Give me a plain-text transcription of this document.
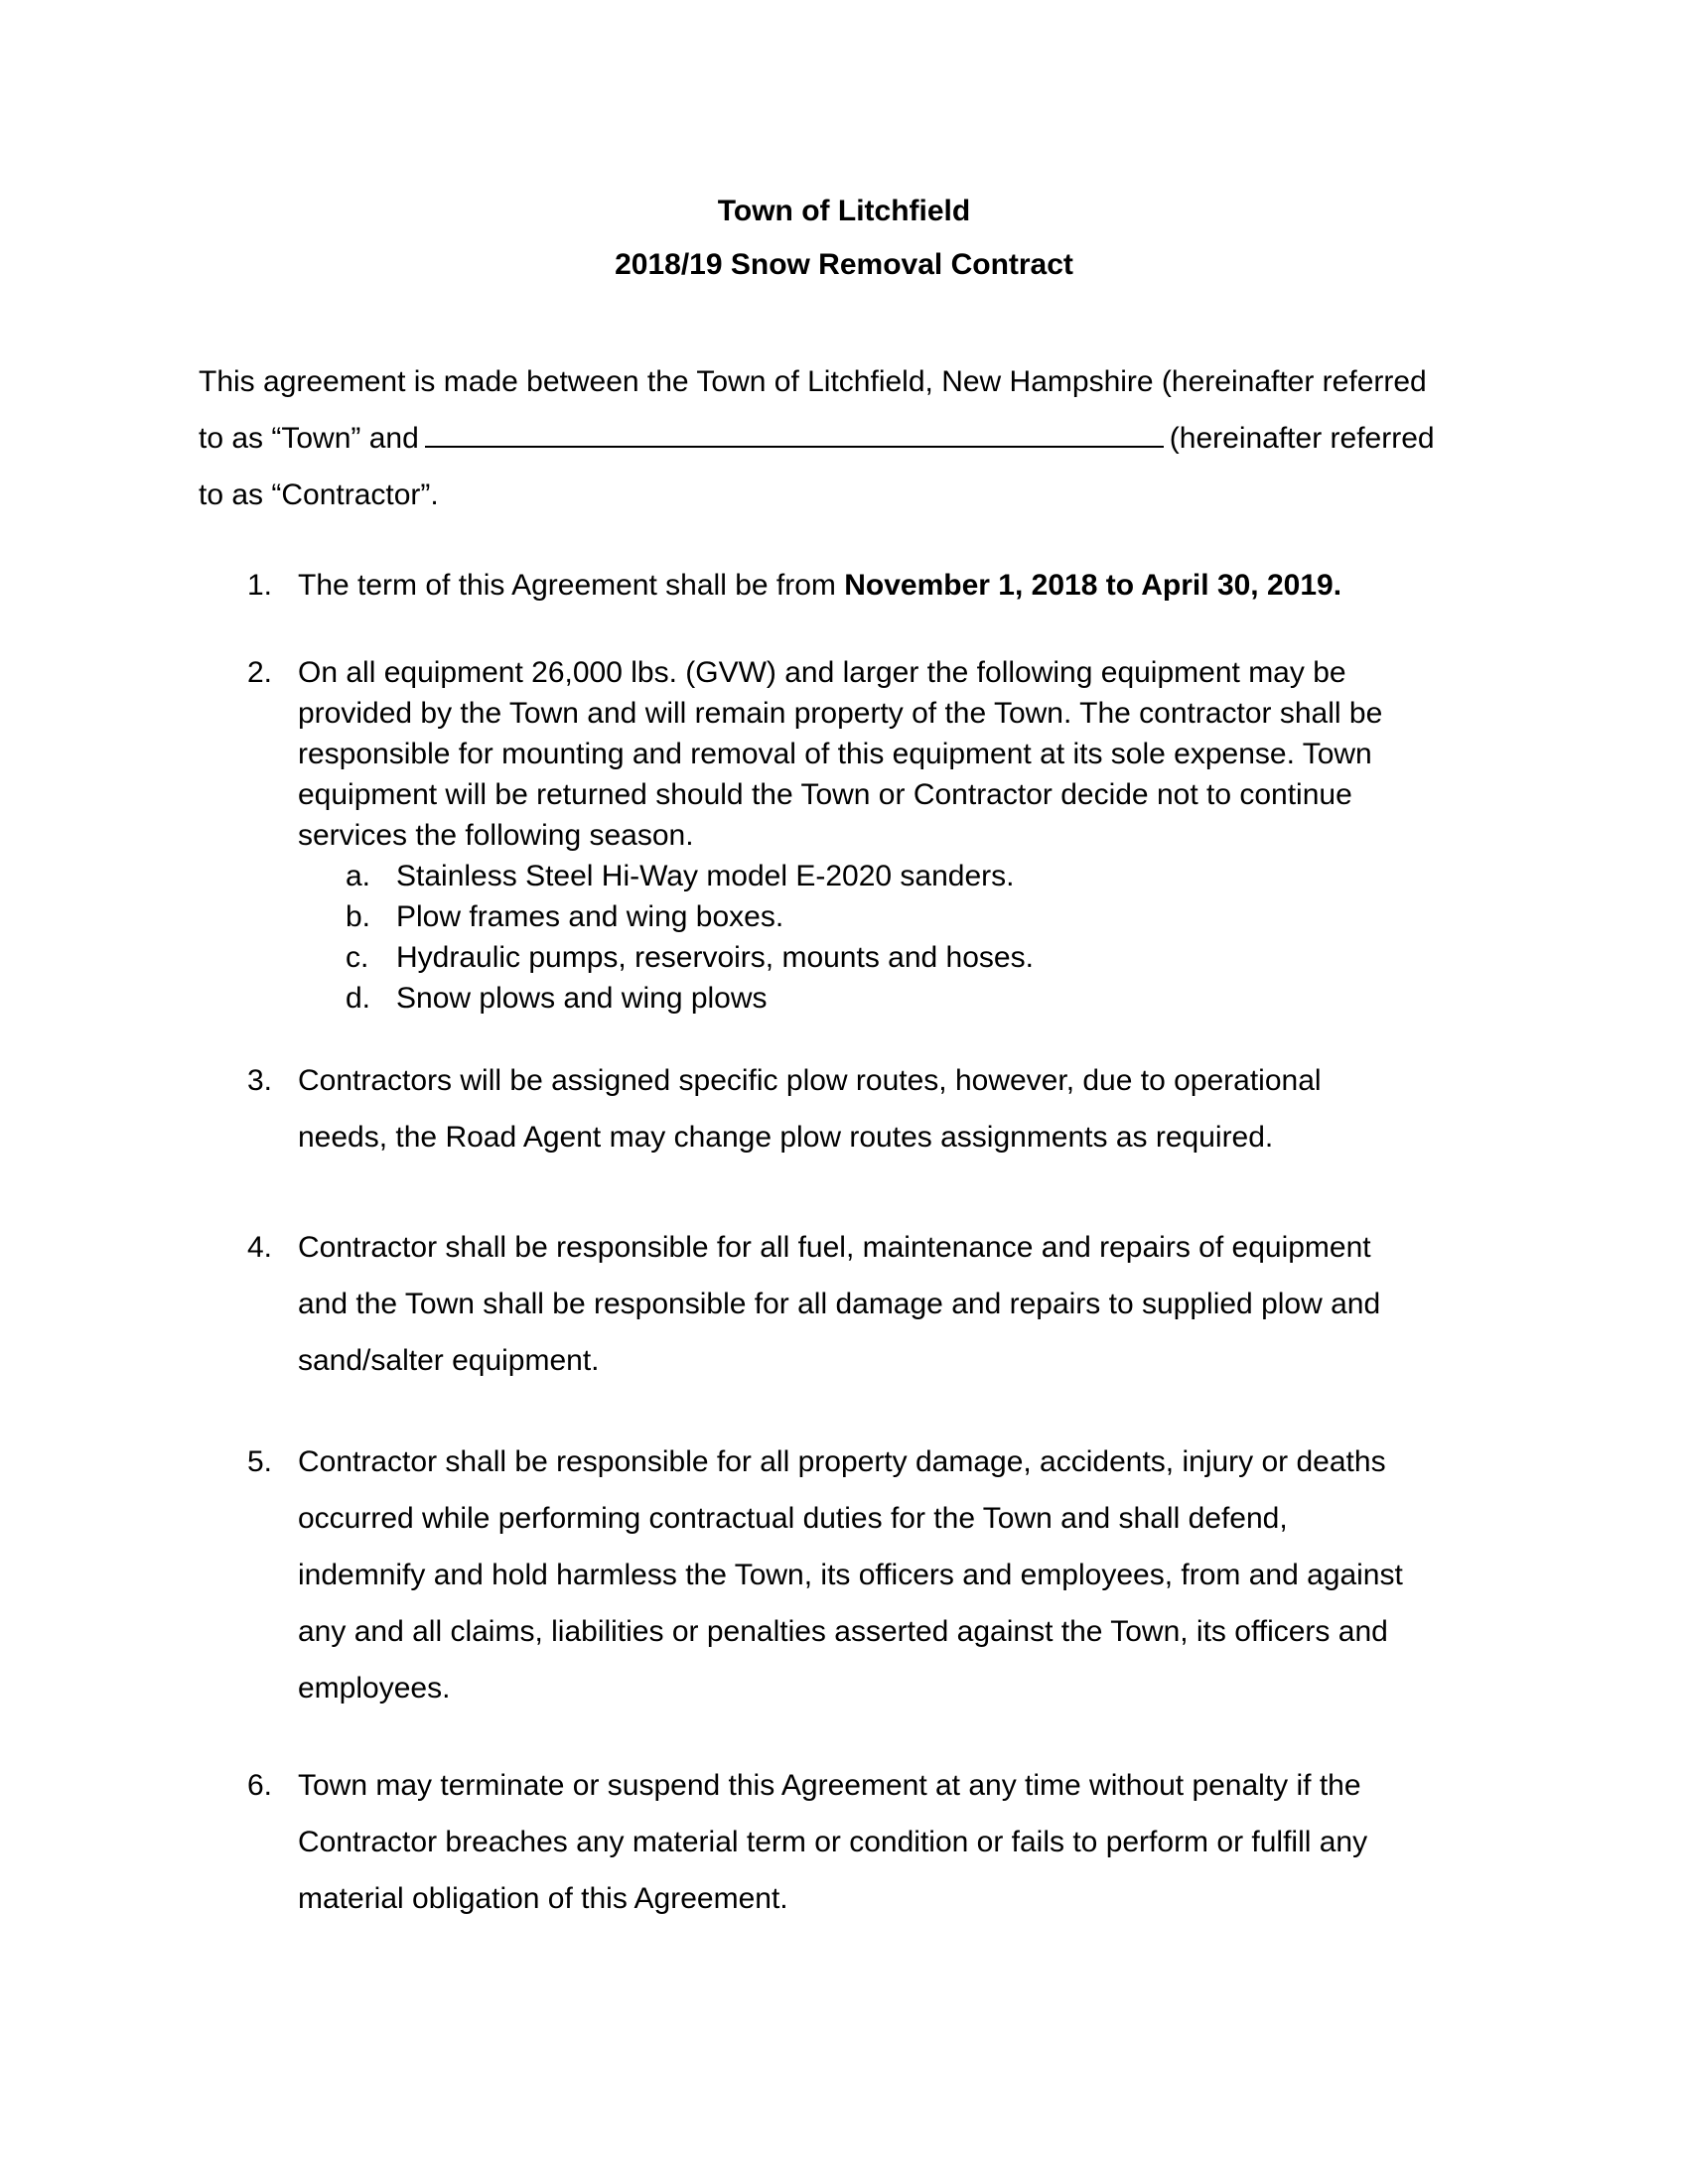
Town of Litchfield
2018/19 Snow Removal Contract
This agreement is made between the Town of Litchfield, New Hampshire (hereinafter referred
to as “Town” and	(hereinafter referred
to as “Contractor”.
1. The term of this Agreement shall be from November 1, 2018 to April 30, 2019.
2. On all equipment 26,000 lbs. (GVW) and larger the following equipment may be
provided by the Town and will remain property of the Town. The contractor shall be
responsible for mounting and removal of this equipment at its sole expense. Town
equipment will be returned should the Town or Contractor decide not to continue
services the following season.
a. Stainless Steel Hi-Way model E-2020 sanders.
b. Plow frames and wing boxes.
c. Hydraulic pumps, reservoirs, mounts and hoses.
d. Snow plows and wing plows
3. Contractors will be assigned specific plow routes, however, due to operational
needs, the Road Agent may change plow routes assignments as required.
4. Contractor shall be responsible for all fuel, maintenance and repairs of equipment
and the Town shall be responsible for all damage and repairs to supplied plow and
sand/salter equipment.
5. Contractor shall be responsible for all property damage, accidents, injury or deaths
occurred while performing contractual duties for the Town and shall defend,
indemnify and hold harmless the Town, its officers and employees, from and against
any and all claims, liabilities or penalties asserted against the Town, its officers and
employees.
6. Town may terminate or suspend this Agreement at any time without penalty if the
Contractor breaches any material term or condition or fails to perform or fulfill any
material obligation of this Agreement.
